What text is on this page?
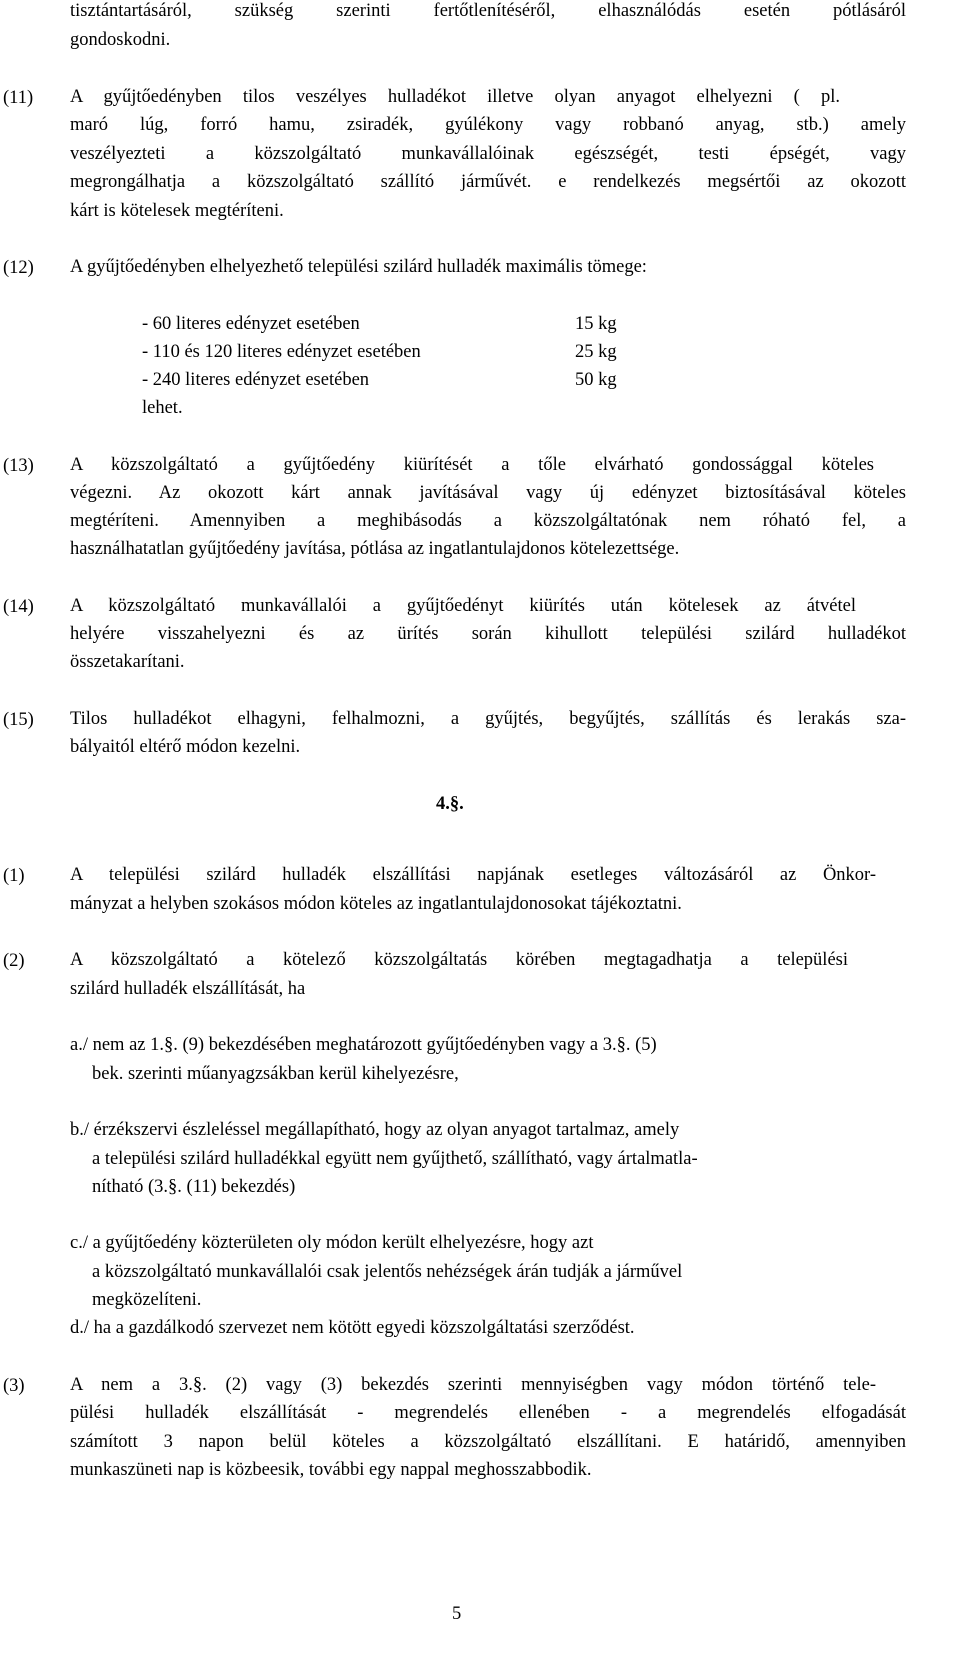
tisztántartásáról, szükség szerinti fertőtlenítéséről, elhasználódás esetén pótlásáról
gondoskodni.
(11) A gyűjtőedényben tilos veszélyes hulladékot illetve olyan anyagot elhelyezni ( pl.
maró lúg, forró hamu, zsiradék, gyúlékony vagy robbanó anyag, stb.) amely
veszélyezteti a közszolgáltató munkavállalóinak egészségét, testi épségét, vagy
megrongálhatja a közszolgáltató szállító járművét. e rendelkezés megsértői az okozott
kárt is kötelesek megtéríteni.
(12) A gyűjtőedényben elhelyezhető települési szilárd hulladék maximális tömege:
- 60 literes edényzet esetében	15 kg
- 110 és 120 literes edényzet esetében	25 kg
- 240 literes edényzet esetében	50 kg
lehet.
(13) A közszolgáltató a gyűjtőedény kiürítését a tőle elvárható gondossággal köteles
végezni. Az okozott kárt annak javításával vagy új edényzet biztosításával köteles
megtéríteni. Amennyiben a meghibásodás a közszolgáltatónak nem róható fel, a
használhatatlan gyűjtőedény javítása, pótlása az ingatlantulajdonos kötelezettsége.
(14) A közszolgáltató munkavállalói a gyűjtőedényt kiürítés után kötelesek az átvétel
helyére visszahelyezni és az ürítés során kihullott települési szilárd hulladékot
összetakarítani.
(15) Tilos hulladékot elhagyni, felhalmozni, a gyűjtés, begyűjtés, szállítás és lerakás sza-
bályaitól eltérő módon kezelni.
4.§.
(1) A települési szilárd hulladék elszállítási napjának esetleges változásáról az Önkor-
mányzat a helyben szokásos módon köteles az ingatlantulajdonosokat tájékoztatni.
(2) A közszolgáltató a kötelező közszolgáltatás körében megtagadhatja a települési
szilárd hulladék elszállítását, ha
a./ nem az 1.§. (9) bekezdésében meghatározott gyűjtőedényben vagy a 3.§. (5)
bek. szerinti műanyagzsákban kerül kihelyezésre,
b./ érzékszervi észleléssel megállapítható, hogy az olyan anyagot tartalmaz, amely
a települési szilárd hulladékkal együtt nem gyűjthető, szállítható, vagy ártalmatla-
nítható (3.§. (11) bekezdés)
c./ a gyűjtőedény közterületen oly módon került elhelyezésre, hogy azt
a közszolgáltató munkavállalói csak jelentős nehézségek árán tudják a járművel
megközelíteni.
d./ ha a gazdálkodó szervezet nem kötött egyedi közszolgáltatási szerződést.
(3) A nem a 3.§. (2) vagy (3) bekezdés szerinti mennyiségben vagy módon történő tele-
pülési hulladék elszállítását - megrendelés ellenében - a megrendelés elfogadását
számított 3 napon belül köteles a közszolgáltató elszállítani. E határidő, amennyiben
munkaszüneti nap is közbeesik, további egy nappal meghosszabbodik.
5
